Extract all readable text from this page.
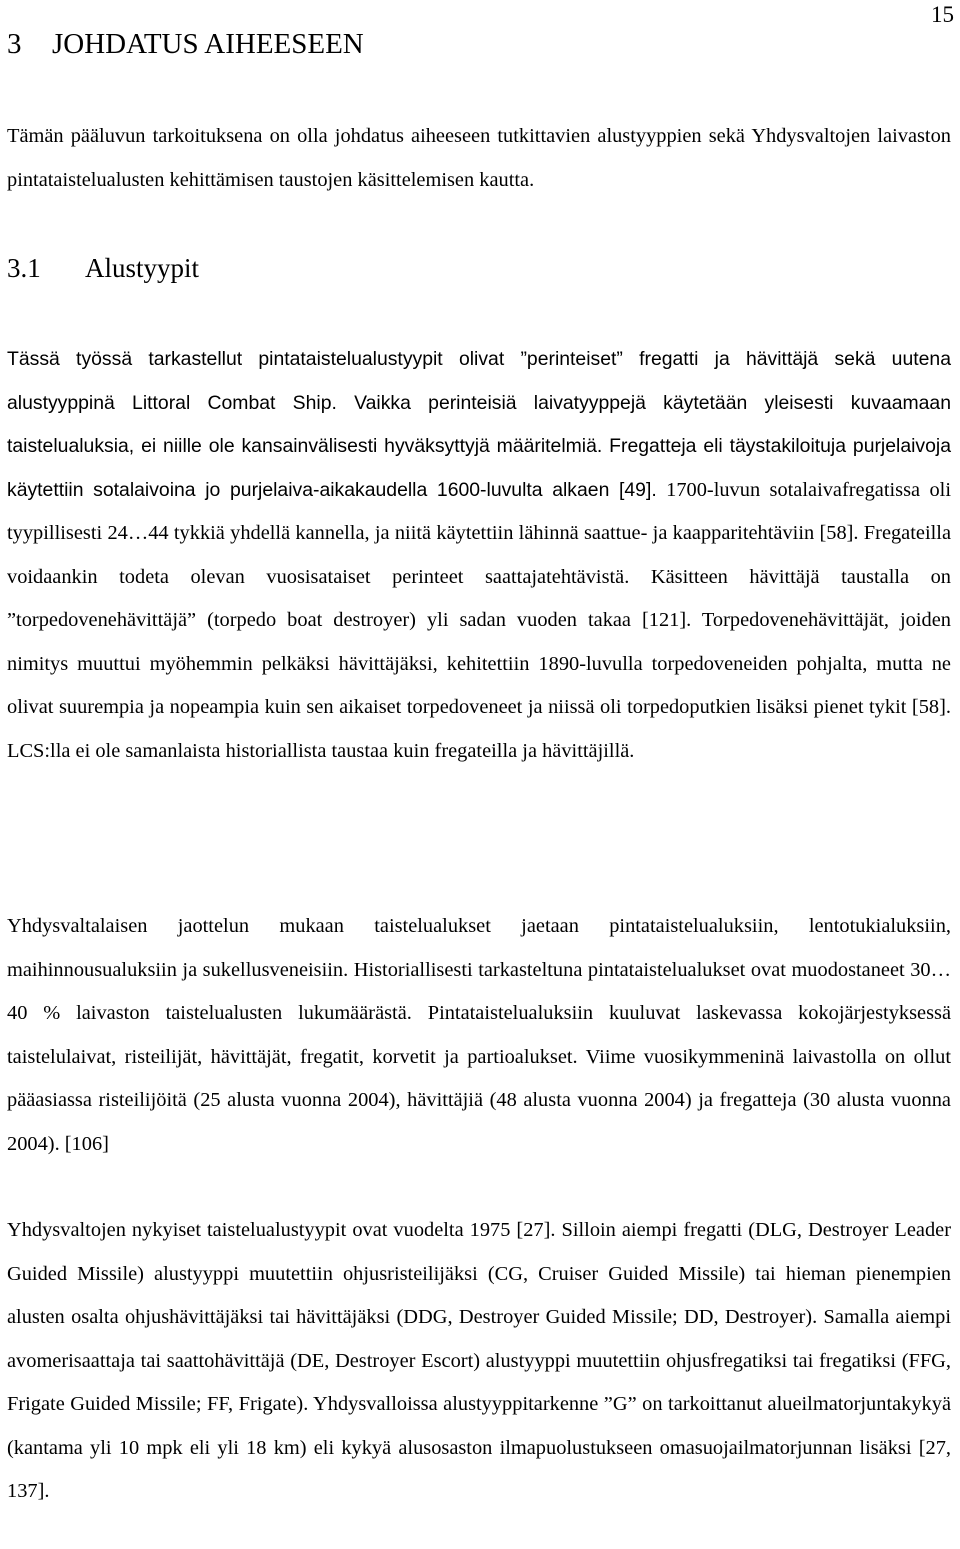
15
3 JOHDATUS AIHEESEEN

Tämän pääluvun tarkoituksena on olla johdatus aiheeseen tutkittavien alustyyppien sekä Yhdysvaltojen laivaston pintataistelualusten kehittämisen taustojen käsittelemisen kautta.

3.1 Alustyypit

Tässä työssä tarkastellut pintataistelualustyypit olivat ”perinteiset” fregatti ja hävittäjä sekä uutena alustyyppinä Littoral Combat Ship. Vaikka perinteisiä laivatyyppejä käytetään yleisesti kuvaamaan taistelualuksia, ei niille ole kansainvälisesti hyväksyttyjä määritelmiä. Fregatteja eli täystakiloituja purjelaivoja käytettiin sotalaivoina jo purjelaiva-aikakaudella 1600-luvulta alkaen [49]. 1700-luvun sotalaivafregatissa oli tyypillisesti 24…44 tykkiä yhdellä kannella, ja niitä käytettiin lähinnä saattue- ja kaapparitehtäviin [58]. Fregateilla voidaankin todeta olevan vuosisataiset perinteet saattajatehtävistä. Käsitteen hävittäjä taustalla on ”torpedovenehävittäjä” (torpedo boat destroyer) yli sadan vuoden takaa [121]. Torpedovenehävittäjät, joiden nimitys muuttui myöhemmin pelkäksi hävittäjäksi, kehitettiin 1890-luvulla torpedoveneiden pohjalta, mutta ne olivat suurempia ja nopeampia kuin sen aikaiset torpedoveneet ja niissä oli torpedoputkien lisäksi pienet tykit [58]. LCS:lla ei ole samanlaista historiallista taustaa kuin fregateilla ja hävittäjillä.

Yhdysvaltalaisen jaottelun mukaan taistelualukset jaetaan pintataistelualuksiin, lentotukialuksiin, maihinnousualuksiin ja sukellusveneisiin. Historiallisesti tarkasteltuna pintataistelualukset ovat muodostaneet 30…40 % laivaston taistelualusten lukumäärästä. Pintataistelualuksiin kuuluvat laskevassa kokojärjestyksessä taistelulaivat, risteilijät, hävittäjät, fregatit, korvetit ja partioalukset. Viime vuosikymmeninä laivastolla on ollut pääasiassa risteilijöitä (25 alusta vuonna 2004), hävittäjiä (48 alusta vuonna 2004) ja fregatteja (30 alusta vuonna 2004). [106]

Yhdysvaltojen nykyiset taistelualustyypit ovat vuodelta 1975 [27]. Silloin aiempi fregatti (DLG, Destroyer Leader Guided Missile) alustyyppi muutettiin ohjusristeilijäksi (CG, Cruiser Guided Missile) tai hieman pienempien alusten osalta ohjushävittäjäksi tai hävittäjäksi (DDG, Destroyer Guided Missile; DD, Destroyer). Samalla aiempi avomerisaattaja tai saattohävittäjä (DE, Destroyer Escort) alustyyppi muutettiin ohjusfregatiksi tai fregatiksi (FFG, Frigate Guided Missile; FF, Frigate). Yhdysvalloissa alustyyppitarkenne ”G” on tarkoittanut alueilmatorjuntakykyä (kantama yli 10 mpk eli yli 18 km) eli kykyä alusosaston ilmapuolustukseen omasuojailmatorjunnan lisäksi [27, 137].
